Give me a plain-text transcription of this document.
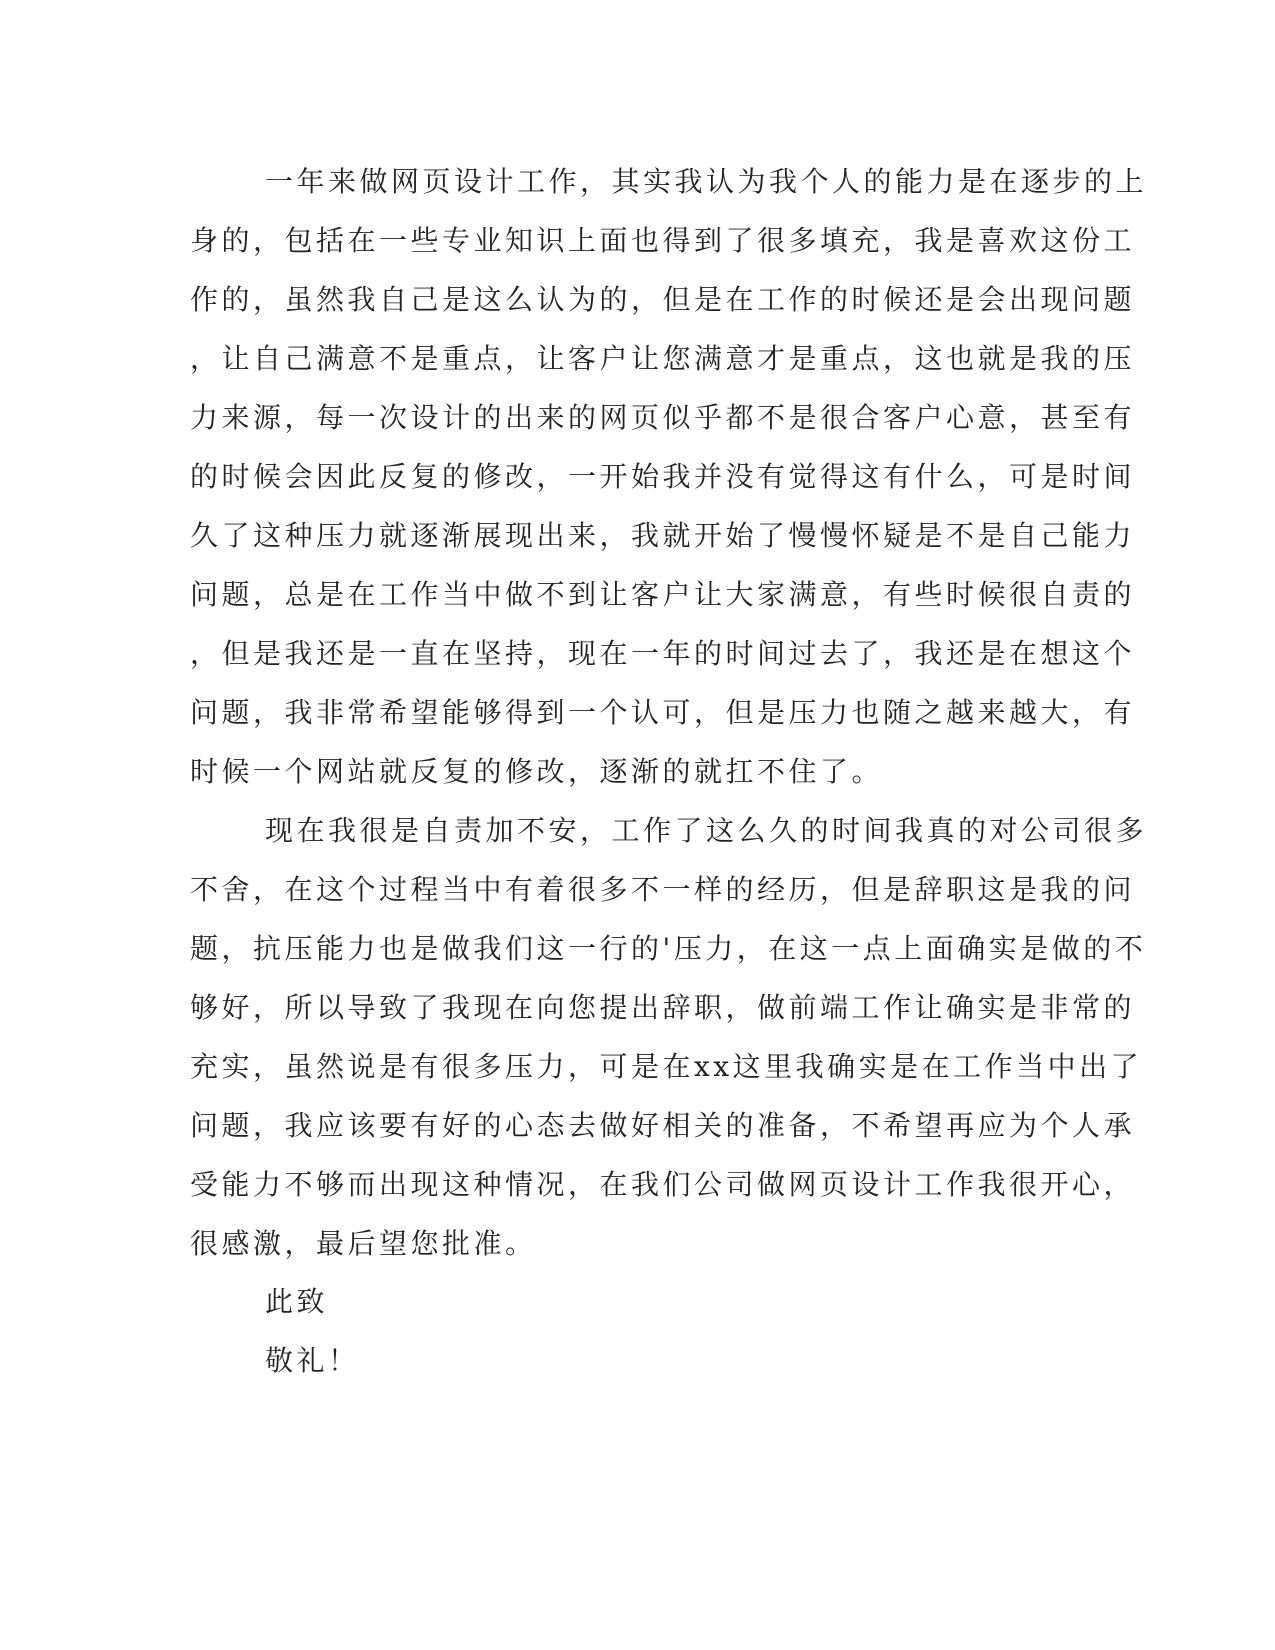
一年来做网页设计工作，其实我认为我个人的能力是在逐步的上
身的，包括在一些专业知识上面也得到了很多填充，我是喜欢这份工
作的，虽然我自己是这么认为的，但是在工作的时候还是会出现问题
，让自己满意不是重点，让客户让您满意才是重点，这也就是我的压
力来源，每一次设计的出来的网页似乎都不是很合客户心意，甚至有
的时候会因此反复的修改，一开始我并没有觉得这有什么，可是时间
久了这种压力就逐渐展现出来，我就开始了慢慢怀疑是不是自己能力
问题，总是在工作当中做不到让客户让大家满意，有些时候很自责的
，但是我还是一直在坚持，现在一年的时间过去了，我还是在想这个
问题，我非常希望能够得到一个认可，但是压力也随之越来越大，有
时候一个网站就反复的修改，逐渐的就扛不住了。
现在我很是自责加不安，工作了这么久的时间我真的对公司很多
不舍，在这个过程当中有着很多不一样的经历，但是辞职这是我的问
题，抗压能力也是做我们这一行的'压力，在这一点上面确实是做的不
够好，所以导致了我现在向您提出辞职，做前端工作让确实是非常的
充实，虽然说是有很多压力，可是在xx这里我确实是在工作当中出了
问题，我应该要有好的心态去做好相关的准备，不希望再应为个人承
受能力不够而出现这种情况，在我们公司做网页设计工作我很开心，
很感激，最后望您批准。
此致
敬礼！
